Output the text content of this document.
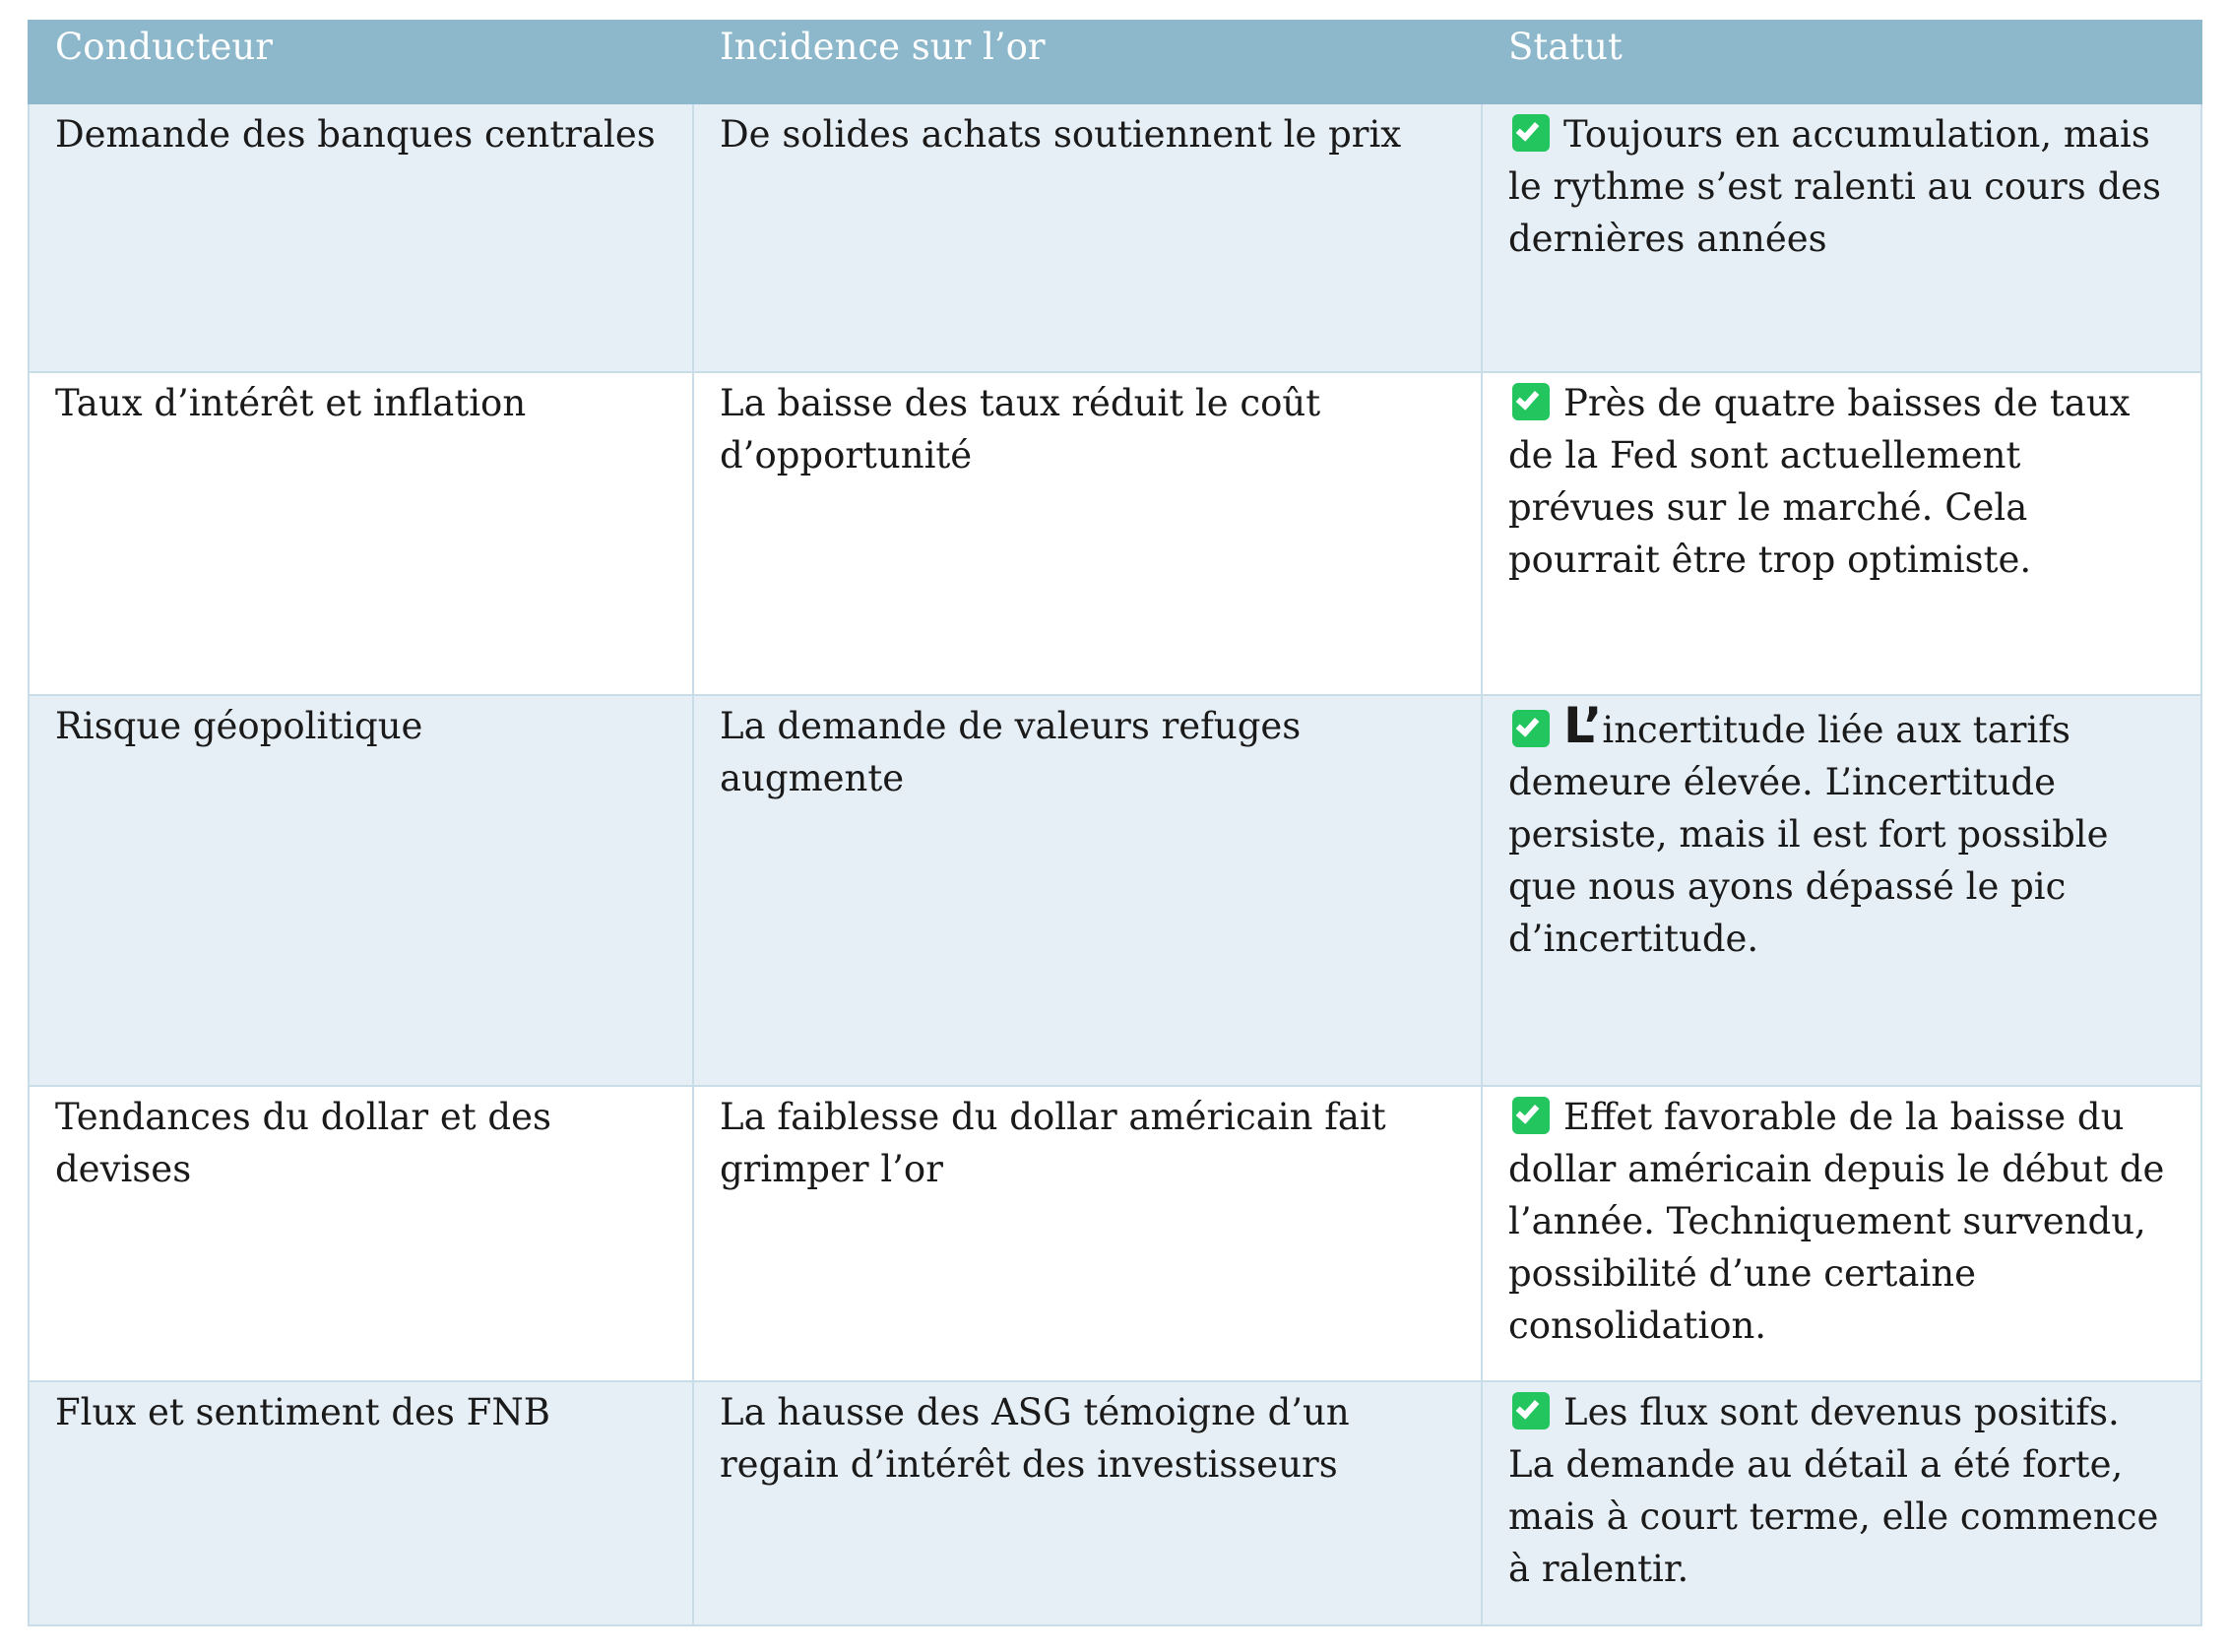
Conducteur	Incidence sur l’or	Statut
Demande des banques centrales	De solides achats soutiennent le prix	Toujours en accumulation, mais le rythme s’est ralenti au cours des dernières années
Taux d’intérêt et inflation	La baisse des taux réduit le coût d’opportunité	Près de quatre baisses de taux de la Fed sont actuellement prévues sur le marché. Cela pourrait être trop optimiste.
Risque géopolitique	La demande de valeurs refuges augmente	L’incertitude liée aux tarifs demeure élevée. L’incertitude persiste, mais il est fort possible que nous ayons dépassé le pic d’incertitude.
Tendances du dollar et des devises	La faiblesse du dollar américain fait grimper l’or	Effet favorable de la baisse du dollar américain depuis le début de l’année. Techniquement survendu, possibilité d’une certaine consolidation.
Flux et sentiment des FNB	La hausse des ASG témoigne d’un regain d’intérêt des investisseurs	Les flux sont devenus positifs. La demande au détail a été forte, mais à court terme, elle commence à ralentir.
